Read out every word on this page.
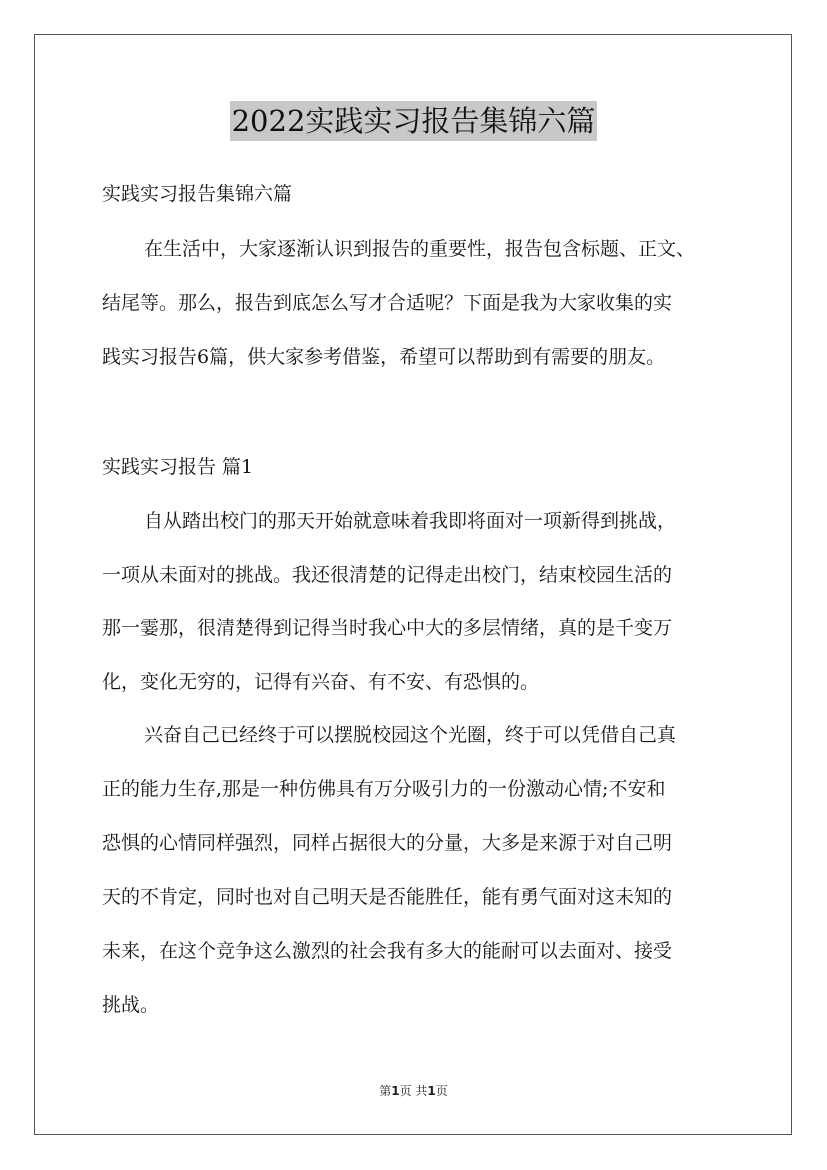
2022实践实习报告集锦六篇
实践实习报告集锦六篇
在生活中，大家逐渐认识到报告的重要性，报告包含标题、正文、
结尾等。那么，报告到底怎么写才合适呢？下面是我为大家收集的实
践实习报告6篇，供大家参考借鉴，希望可以帮助到有需要的朋友。
实践实习报告 篇1
自从踏出校门的那天开始就意味着我即将面对一项新得到挑战，
一项从未面对的挑战。我还很清楚的记得走出校门，结束校园生活的
那一霎那，很清楚得到记得当时我心中大的多层情绪，真的是千变万
化，变化无穷的，记得有兴奋、有不安、有恐惧的。
兴奋自己已经终于可以摆脱校园这个光圈，终于可以凭借自己真
正的能力生存,那是一种仿佛具有万分吸引力的一份激动心情;不安和
恐惧的心情同样强烈，同样占据很大的分量，大多是来源于对自己明
天的不肯定，同时也对自己明天是否能胜任，能有勇气面对这未知的
未来，在这个竞争这么激烈的社会我有多大的能耐可以去面对、接受
挑战。
第1页 共1页
